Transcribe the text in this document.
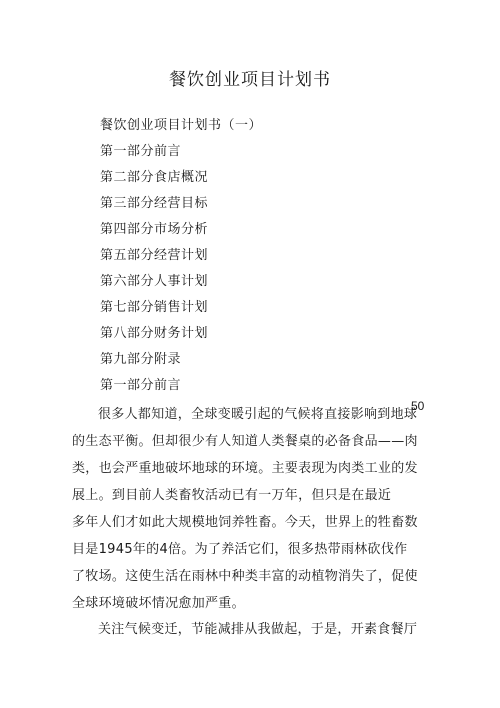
餐饮创业项目计划书
餐饮创业项目计划书（一）
第一部分前言
第二部分食店概况
第三部分经营目标
第四部分市场分析
第五部分经营计划
第六部分人事计划
第七部分销售计划
第八部分财务计划
第九部分附录
第一部分前言
50

很多人都知道，全球变暖引起的气候将直接影响到地球
的生态平衡。但却很少有人知道人类餐桌的必备食品——肉
类，也会严重地破坏地球的环境。主要表现为肉类工业的发
展上。到目前人类畜牧活动已有一万年，但只是在最近
多年人们才如此大规模地饲养牲畜。今天，世界上的牲畜数
目是1945年的4倍。为了养活它们，很多热带雨林砍伐作
了牧场。这使生活在雨林中种类丰富的动植物消失了，促使
全球环境破坏情况愈加严重。

关注气候变迁，节能减排从我做起，于是，开素食餐厅
